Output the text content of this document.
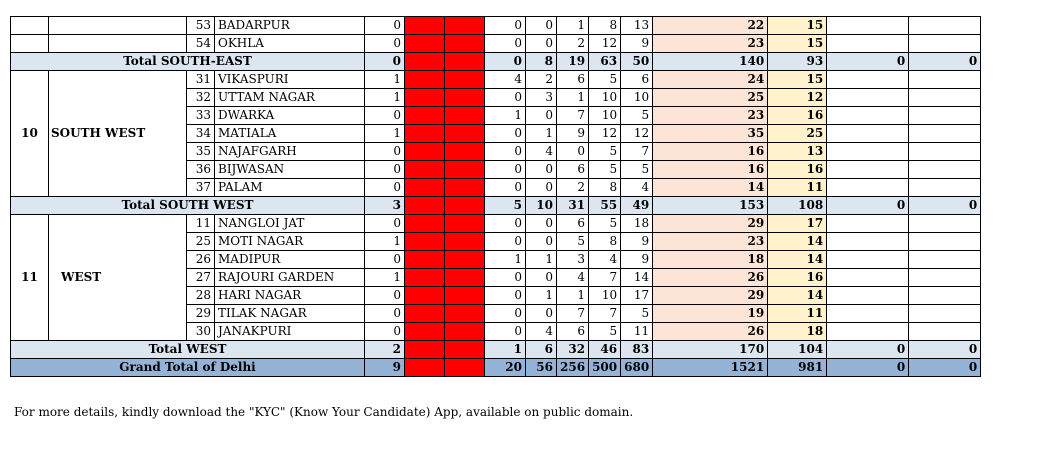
		53	BADARPUR	0			0	0	1	8	13	22	15		
		54	OKHLA	0			0	0	2	12	9	23	15		
Total SOUTH-EAST				0			0	8	19	63	50	140	93	0	0
10	SOUTH WEST	31	VIKASPURI	1			4	2	6	5	6	24	15		
		32	UTTAM NAGAR	1			0	3	1	10	10	25	12		
		33	DWARKA	0			1	0	7	10	5	23	16		
		34	MATIALA	1			0	1	9	12	12	35	25		
		35	NAJAFGARH	0			0	4	0	5	7	16	13		
		36	BIJWASAN	0			0	0	6	5	5	16	16		
		37	PALAM	0			0	0	2	8	4	14	11		
Total SOUTH WEST				3			5	10	31	55	49	153	108	0	0
11	WEST	11	NANGLOI JAT	0			0	0	6	5	18	29	17		
		25	MOTI NAGAR	1			0	0	5	8	9	23	14		
		26	MADIPUR	0			1	1	3	4	9	18	14		
		27	RAJOURI GARDEN	1			0	0	4	7	14	26	16		
		28	HARI NAGAR	0			0	1	1	10	17	29	14		
		29	TILAK NAGAR	0			0	0	7	7	5	19	11		
		30	JANAKPURI	0			0	4	6	5	11	26	18		
Total WEST				2			1	6	32	46	83	170	104	0	0
Grand Total of Delhi				9			20	56	256	500	680	1521	981	0	0
For more details, kindly download the "KYC" (Know Your Candidate) App, available on public domain.
